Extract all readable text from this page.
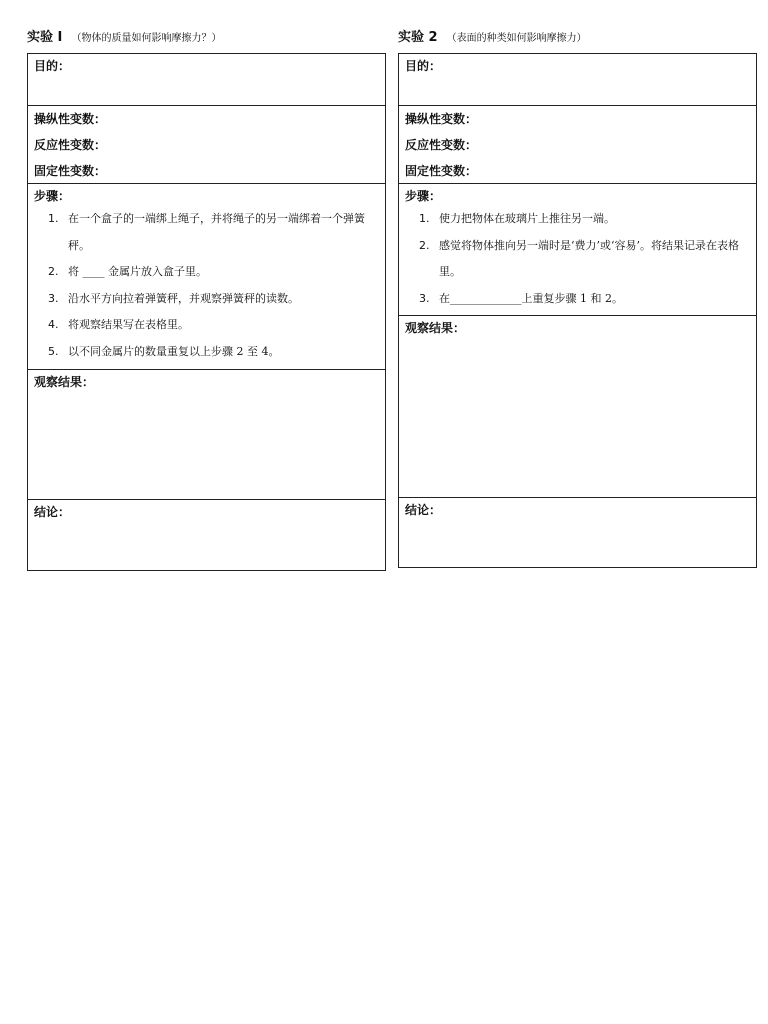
实验 I （物体的质量如何影响摩擦力？）
目的：
操纵性变数：
反应性变数：
固定性变数：
步骤：
1. 在一个盒子的一端绑上绳子，并将绳子的另一端绑着一个弹簧秤。
2. 将 ____ 金属片放入盒子里。
3. 沿水平方向拉着弹簧秤，并观察弹簧秤的读数。
4. 将观察结果写在表格里。
5. 以不同金属片的数量重复以上步骤 2 至 4。
观察结果：
结论：
实验 2 （表面的种类如何影响摩擦力）
目的：
操纵性变数：
反应性变数：
固定性变数：
步骤：
1. 使力把物体在玻璃片上推往另一端。
2. 感觉将物体推向另一端时是‘费力’或‘容易’。将结果记录在表格里。
3. 在_____________上重复步骤 1 和 2。
观察结果：
结论：
